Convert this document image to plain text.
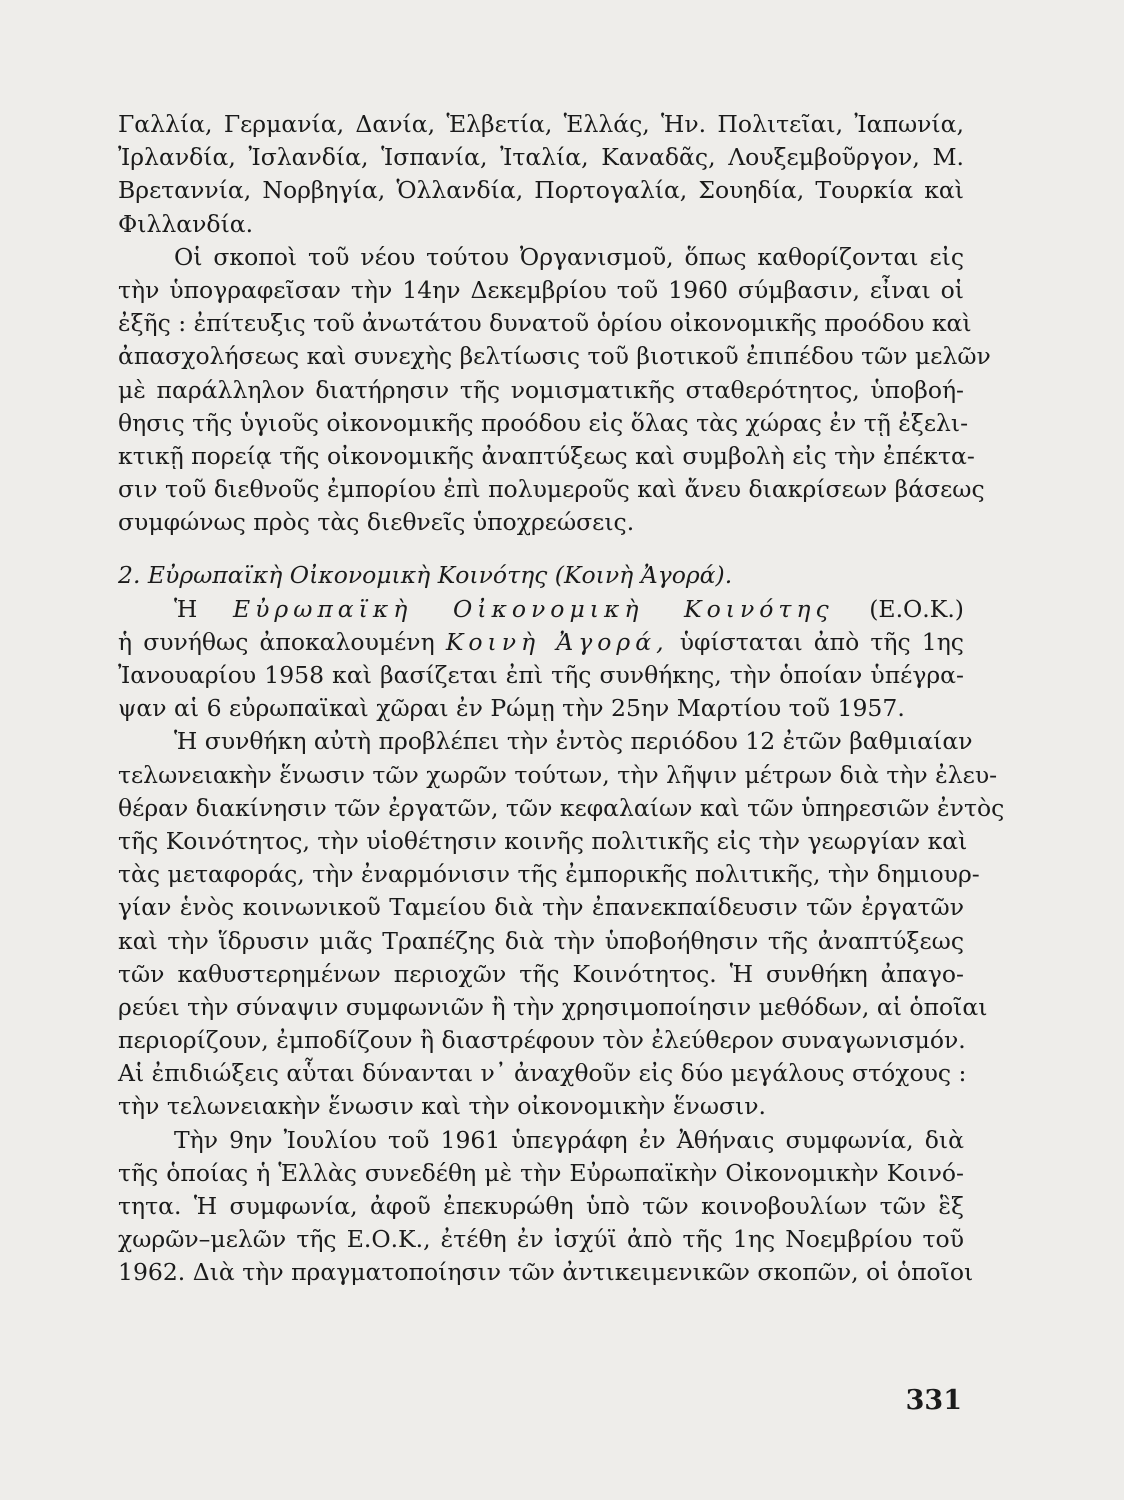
Γαλλία, Γερμανία, Δανία, Ἑλβετία, Ἑλλάς, Ἡν. Πολιτεῖαι, Ἰαπωνία,
Ἰρλανδία, Ἰσλανδία, Ἱσπανία, Ἰταλία, Καναδᾶς, Λουξεμβοῦργον, Μ.
Βρεταννία, Νορβηγία, Ὁλλανδία, Πορτογαλία, Σουηδία, Τουρκία καὶ
Φιλλανδία.
Οἱ σκοποὶ τοῦ νέου τούτου Ὀργανισμοῦ, ὅπως καθορίζονται εἰς
τὴν ὑπογραφεῖσαν τὴν 14ην Δεκεμβρίου τοῦ 1960 σύμβασιν, εἶναι οἱ
ἐξῆς : ἐπίτευξις τοῦ ἀνωτάτου δυνατοῦ ὁρίου οἰκονομικῆς προόδου καὶ
ἀπασχολήσεως καὶ συνεχὴς βελτίωσις τοῦ βιοτικοῦ ἐπιπέδου τῶν μελῶν
μὲ παράλληλον διατήρησιν τῆς νομισματικῆς σταθερότητος, ὑποβοή-
θησις τῆς ὑγιοῦς οἰκονομικῆς προόδου εἰς ὅλας τὰς χώρας ἐν τῇ ἐξελι-
κτικῇ πορείᾳ τῆς οἰκονομικῆς ἀναπτύξεως καὶ συμβολὴ εἰς τὴν ἐπέκτα-
σιν τοῦ διεθνοῦς ἐμπορίου ἐπὶ πολυμεροῦς καὶ ἄνευ διακρίσεων βάσεως
συμφώνως πρὸς τὰς διεθνεῖς ὑποχρεώσεις.
2. Εὐρωπαϊκὴ Οἰκονομικὴ Κοινότης (Κοινὴ Ἀγορά).
Ἡ Εὐρωπαϊκὴ Οἰκονομικὴ Κοινότης (Ε.Ο.Κ.)
ἡ συνήθως ἀποκαλουμένη Κοινὴ Ἀγορά, ὑφίσταται ἀπὸ τῆς 1ης
Ἰανουαρίου 1958 καὶ βασίζεται ἐπὶ τῆς συνθήκης, τὴν ὁποίαν ὑπέγρα-
ψαν αἱ 6 εὐρωπαϊκαὶ χῶραι ἐν Ρώμῃ τὴν 25ην Μαρτίου τοῦ 1957.
Ἡ συνθήκη αὐτὴ προβλέπει τὴν ἐντὸς περιόδου 12 ἐτῶν βαθμιαίαν
τελωνειακὴν ἕνωσιν τῶν χωρῶν τούτων, τὴν λῆψιν μέτρων διὰ τὴν ἐλευ-
θέραν διακίνησιν τῶν ἐργατῶν, τῶν κεφαλαίων καὶ τῶν ὑπηρεσιῶν ἐντὸς
τῆς Κοινότητος, τὴν υἱοθέτησιν κοινῆς πολιτικῆς εἰς τὴν γεωργίαν καὶ
τὰς μεταφοράς, τὴν ἐναρμόνισιν τῆς ἐμπορικῆς πολιτικῆς, τὴν δημιουρ-
γίαν ἑνὸς κοινωνικοῦ Ταμείου διὰ τὴν ἐπανεκπαίδευσιν τῶν ἐργατῶν
καὶ τὴν ἵδρυσιν μιᾶς Τραπέζης διὰ τὴν ὑποβοήθησιν τῆς ἀναπτύξεως
τῶν καθυστερημένων περιοχῶν τῆς Κοινότητος. Ἡ συνθήκη ἀπαγο-
ρεύει τὴν σύναψιν συμφωνιῶν ἢ τὴν χρησιμοποίησιν μεθόδων, αἱ ὁποῖαι
περιορίζουν, ἐμποδίζουν ἢ διαστρέφουν τὸν ἐλεύθερον συναγωνισμόν.
Αἱ ἐπιδιώξεις αὗται δύνανται ν᾿ ἀναχθοῦν εἰς δύο μεγάλους στόχους :
τὴν τελωνειακὴν ἕνωσιν καὶ τὴν οἰκονομικὴν ἕνωσιν.
Τὴν 9ην Ἰουλίου τοῦ 1961 ὑπεγράφη ἐν Ἀθήναις συμφωνία, διὰ
τῆς ὁποίας ἡ Ἑλλὰς συνεδέθη μὲ τὴν Εὐρωπαϊκὴν Οἰκονομικὴν Κοινό-
τητα. Ἡ συμφωνία, ἀφοῦ ἐπεκυρώθη ὑπὸ τῶν κοινοβουλίων τῶν ἓξ
χωρῶν–μελῶν τῆς Ε.Ο.Κ., ἐτέθη ἐν ἰσχύϊ ἀπὸ τῆς 1ης Νοεμβρίου τοῦ
1962. Διὰ τὴν πραγματοποίησιν τῶν ἀντικειμενικῶν σκοπῶν, οἱ ὁποῖοι
331
